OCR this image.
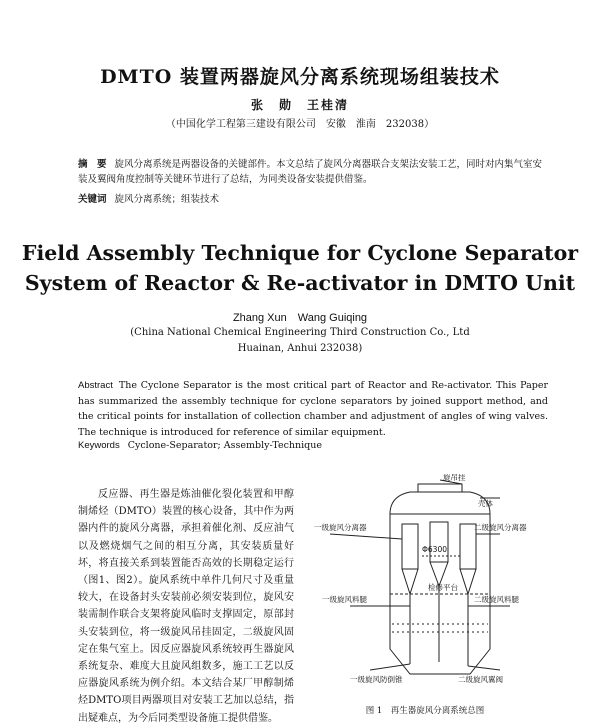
DMTO 装置两器旋风分离系统现场组装技术
张　勋　王桂清
（中国化学工程第三建设有限公司　安徽　淮南　232038）
摘　要 旋风分离系统是两器设备的关键部件。本文总结了旋风分离器联合支架法安装工艺，同时对内集气室安装及翼阀角度控制等关键环节进行了总结，为同类设备安装提供借鉴。
关键词 旋风分离系统；组装技术
Field Assembly Technique for Cyclone Separator
System of Reactor & Re-activator in DMTO Unit
Zhang Xun　Wang Guiqing
(China National Chemical Engineering Third Construction Co., Ltd
Huainan, Anhui 232038)
Abstract The Cyclone Separator is the most critical part of Reactor and Re-activator. This Paper has summarized the assembly technique for cyclone separators by joined support method, and the critical points for installation of collection chamber and adjustment of angles of wing valves. The technique is introduced for reference of similar equipment.
Keywords Cyclone-Separator; Assembly-Technique
反应器、再生器是炼油催化裂化装置和甲醇制烯烃（DMTO）装置的核心设备，其中作为两器内件的旋风分离器，承担着催化剂、反应油气以及燃烧烟气之间的相互分离，其安装质量好坏，将直接关系到装置能否高效的长期稳定运行（图1、图2）。旋风系统中单件几何尺寸及重量较大，在设备封头安装前必须安装到位，旋风安装需制作联合支架将旋风临时支撑固定，原部封头安装到位，将一级旋风吊挂固定，二级旋风固定在集气室上。因反应器旋风系统较再生器旋风系统复杂、难度大且旋风组数多，施工工艺以反应器旋风系统为例介绍。本文结合某厂甲醇制烯烃DMTO项目两器项目对安装工艺加以总结，指出疑难点，为今后同类型设备施工提供借鉴。
旋吊挂
壳体
一级旋风分离器	二级旋风分离器
Φ6300
检修平台
一级旋风料腿	二级旋风料腿
一级旋风防倒锥	二级旋风翼阀
图 1　再生器旋风分离系统总图
